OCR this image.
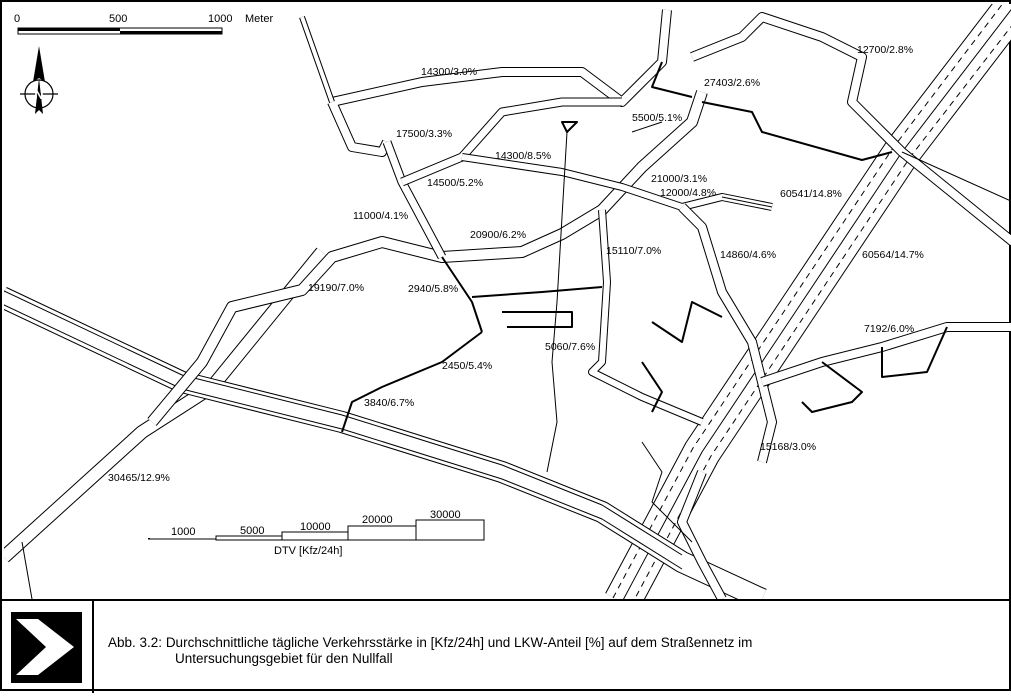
0	500	1000 Meter
N
14300/3.0%
12700/2.8%
27403/2.6%
5500/5.1%
17500/3.3%
14300/8.5%
14500/5.2%	21000/3.1%
12000/4.8%	60541/14.8%
11000/4.1%
20900/6.2%
15110/7.0%	14860/4.6%	60564/14.7%
19190/7.0%	2940/5.8%
5060/7.6%
7192/6.0%
2450/5.4%
3840/6.7%
15168/3.0%
30465/12.9%
1000	5000	10000
20000	30000
DTV [Kfz/24h]
Abb. 3.2: Durchschnittliche tägliche Verkehrsstärke in [Kfz/24h] und LKW-Anteil [%] auf dem Straßennetz im
Untersuchungsgebiet für den Nullfall
